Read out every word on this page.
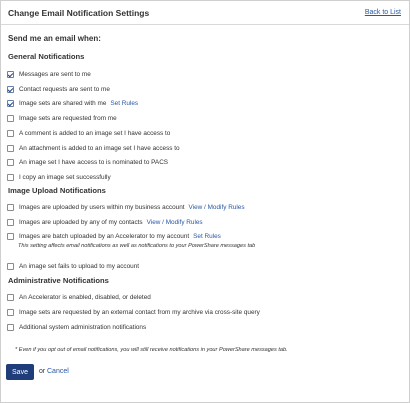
Change Email Notification Settings	Back to List
Send me an email when:
General Notifications
Messages are sent to me
Contact requests are sent to me
Image sets are shared with me Set Rules
Image sets are requested from me
A comment is added to an image set I have access to
An attachment is added to an image set I have access to
An image set I have access to is nominated to PACS
I copy an image set successfully
Image Upload Notifications
Images are uploaded by users within my business account View / Modify Rules
Images are uploaded by any of my contacts View / Modify Rules
Images are batch uploaded by an Accelerator to my account Set Rules
This setting affects email notifications as well as notifications to your PowerShare messages tab
An image set fails to upload to my account
Administrative Notifications
An Accelerator is enabled, disabled, or deleted
Image sets are requested by an external contact from my archive via cross-site query
Additional system administration notifications
* Even if you opt out of email notifications, you will still receive notifications in your PowerShare messages tab.
Save	or Cancel
